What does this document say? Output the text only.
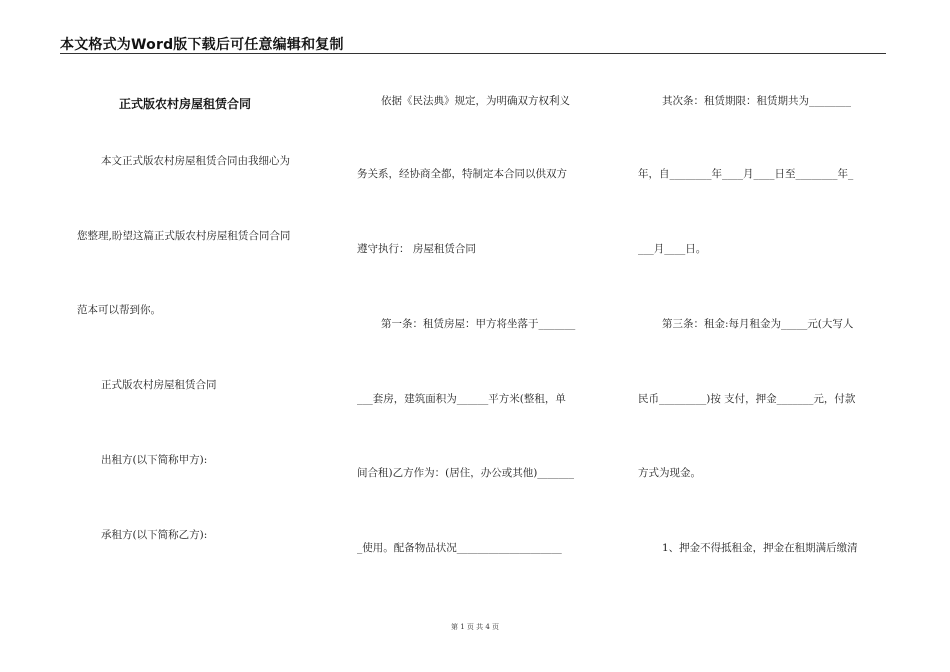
本文格式为Word版下载后可任意编辑和复制
正式版农村房屋租赁合同
本文正式版农村房屋租赁合同由我细心为
您整理,盼望这篇正式版农村房屋租赁合同合同
范本可以帮到你。
正式版农村房屋租赁合同
出租方(以下简称甲方):
承租方(以下简称乙方):
依据《民法典》规定，为明确双方权利义
务关系，经协商全都，特制定本合同以供双方
遵守执行： 房屋租赁合同
第一条：租赁房屋：甲方将坐落于_______
___套房，建筑面积为______平方米(整租，单
间合租)乙方作为：(居住，办公或其他)_______
_使用。配备物品状况____________________
其次条：租赁期限：租赁期共为________
年，自________年____月____日至________年_
___月____日。
第三条：租金:每月租金为_____元(大写人
民币_________)按 支付，押金_______元，付款
方式为现金。
1、押金不得抵租金，押金在租期满后缴清
第 1 页 共 4 页
